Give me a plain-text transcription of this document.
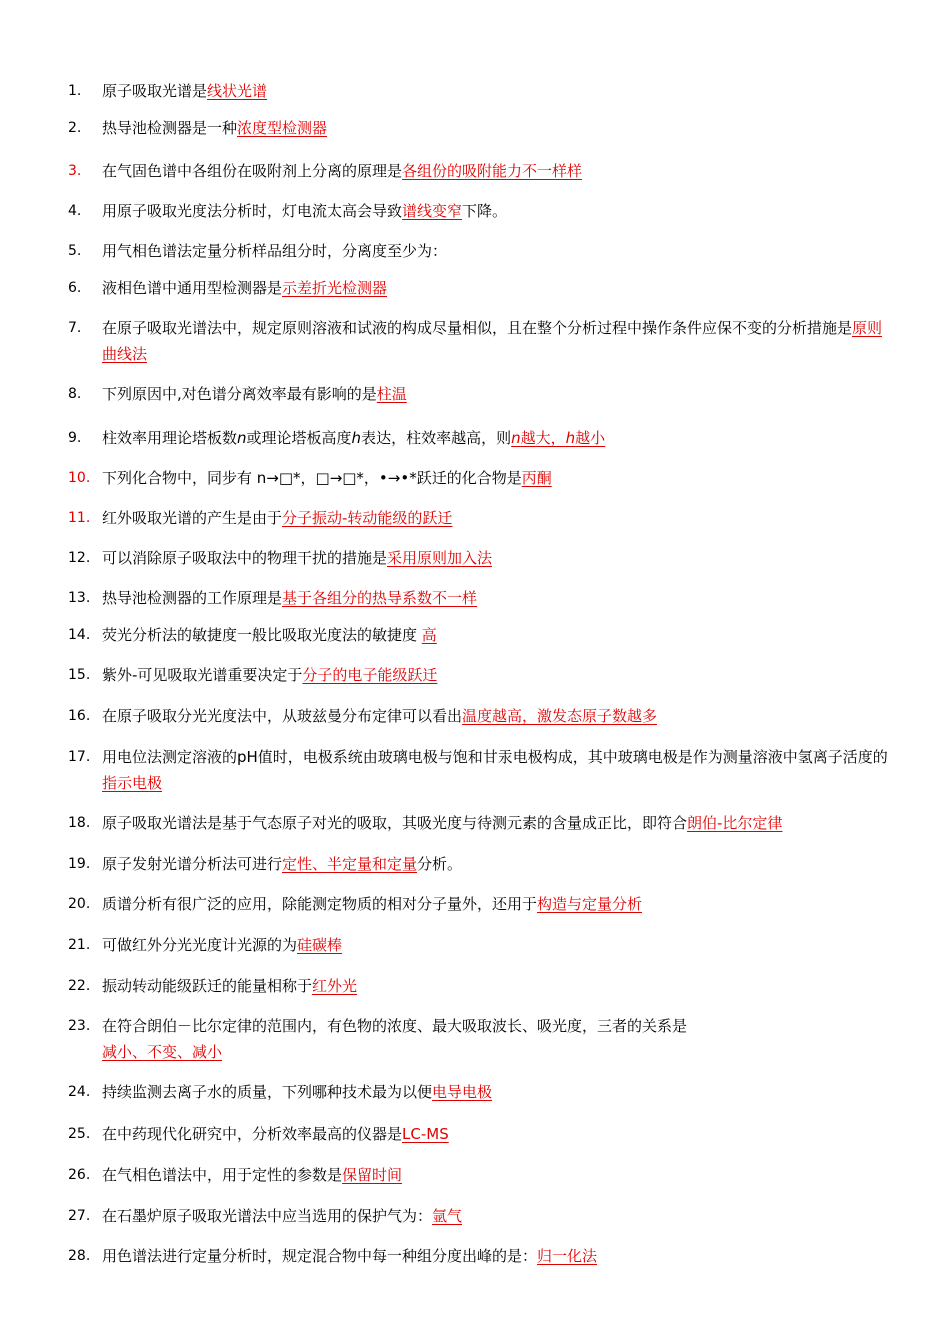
1.	原子吸取光谱是线状光谱
2.	热导池检测器是一种浓度型检测器
3.	在气固色谱中各组份在吸附剂上分离的原理是各组份的吸附能力不一样样
4.	用原子吸取光度法分析时，灯电流太高会导致谱线变窄下降。
5.	用气相色谱法定量分析样品组分时，分离度至少为：
6.	液相色谱中通用型检测器是示差折光检测器
7.	在原子吸取光谱法中，规定原则溶液和试液的构成尽量相似，且在整个分析过程中操作条件应保不变的分析措施是原则曲线法
8.	下列原因中,对色谱分离效率最有影响的是柱温
9.	柱效率用理论塔板数n或理论塔板高度h表达，柱效率越高，则n越大，h越小
10. 下列化合物中，同步有 n→□*，□→□*，•→•*跃迁的化合物是丙酮
11. 红外吸取光谱的产生是由于分子振动-转动能级的跃迁
12. 可以消除原子吸取法中的物理干扰的措施是采用原则加入法
13. 热导池检测器的工作原理是基于各组分的热导系数不一样
14. 荧光分析法的敏捷度一般比吸取光度法的敏捷度 高
15. 紫外-可见吸取光谱重要决定于分子的电子能级跃迁
16. 在原子吸取分光光度法中，从玻兹曼分布定律可以看出温度越高，激发态原子数越多
17. 用电位法测定溶液的pH值时，电极系统由玻璃电极与饱和甘汞电极构成，其中玻璃电极是作为测量溶液中氢离子活度的指示电极
18. 原子吸取光谱法是基于气态原子对光的吸取，其吸光度与待测元素的含量成正比，即符合朗伯-比尔定律
19. 原子发射光谱分析法可进行定性、半定量和定量分析。
20. 质谱分析有很广泛的应用，除能测定物质的相对分子量外，还用于构造与定量分析
21. 可做红外分光光度计光源的为硅碳棒
22. 振动转动能级跃迁的能量相称于红外光
23. 在符合朗伯－比尔定律的范围内，有色物的浓度、最大吸取波长、吸光度，三者的关系是
减小、不变、减小
24. 持续监测去离子水的质量，下列哪种技术最为以便电导电极
25. 在中药现代化研究中，分析效率最高的仪器是LC-MS
26. 在气相色谱法中，用于定性的参数是保留时间
27. 在石墨炉原子吸取光谱法中应当选用的保护气为：氩气
28. 用色谱法进行定量分析时，规定混合物中每一种组分度出峰的是：归一化法
